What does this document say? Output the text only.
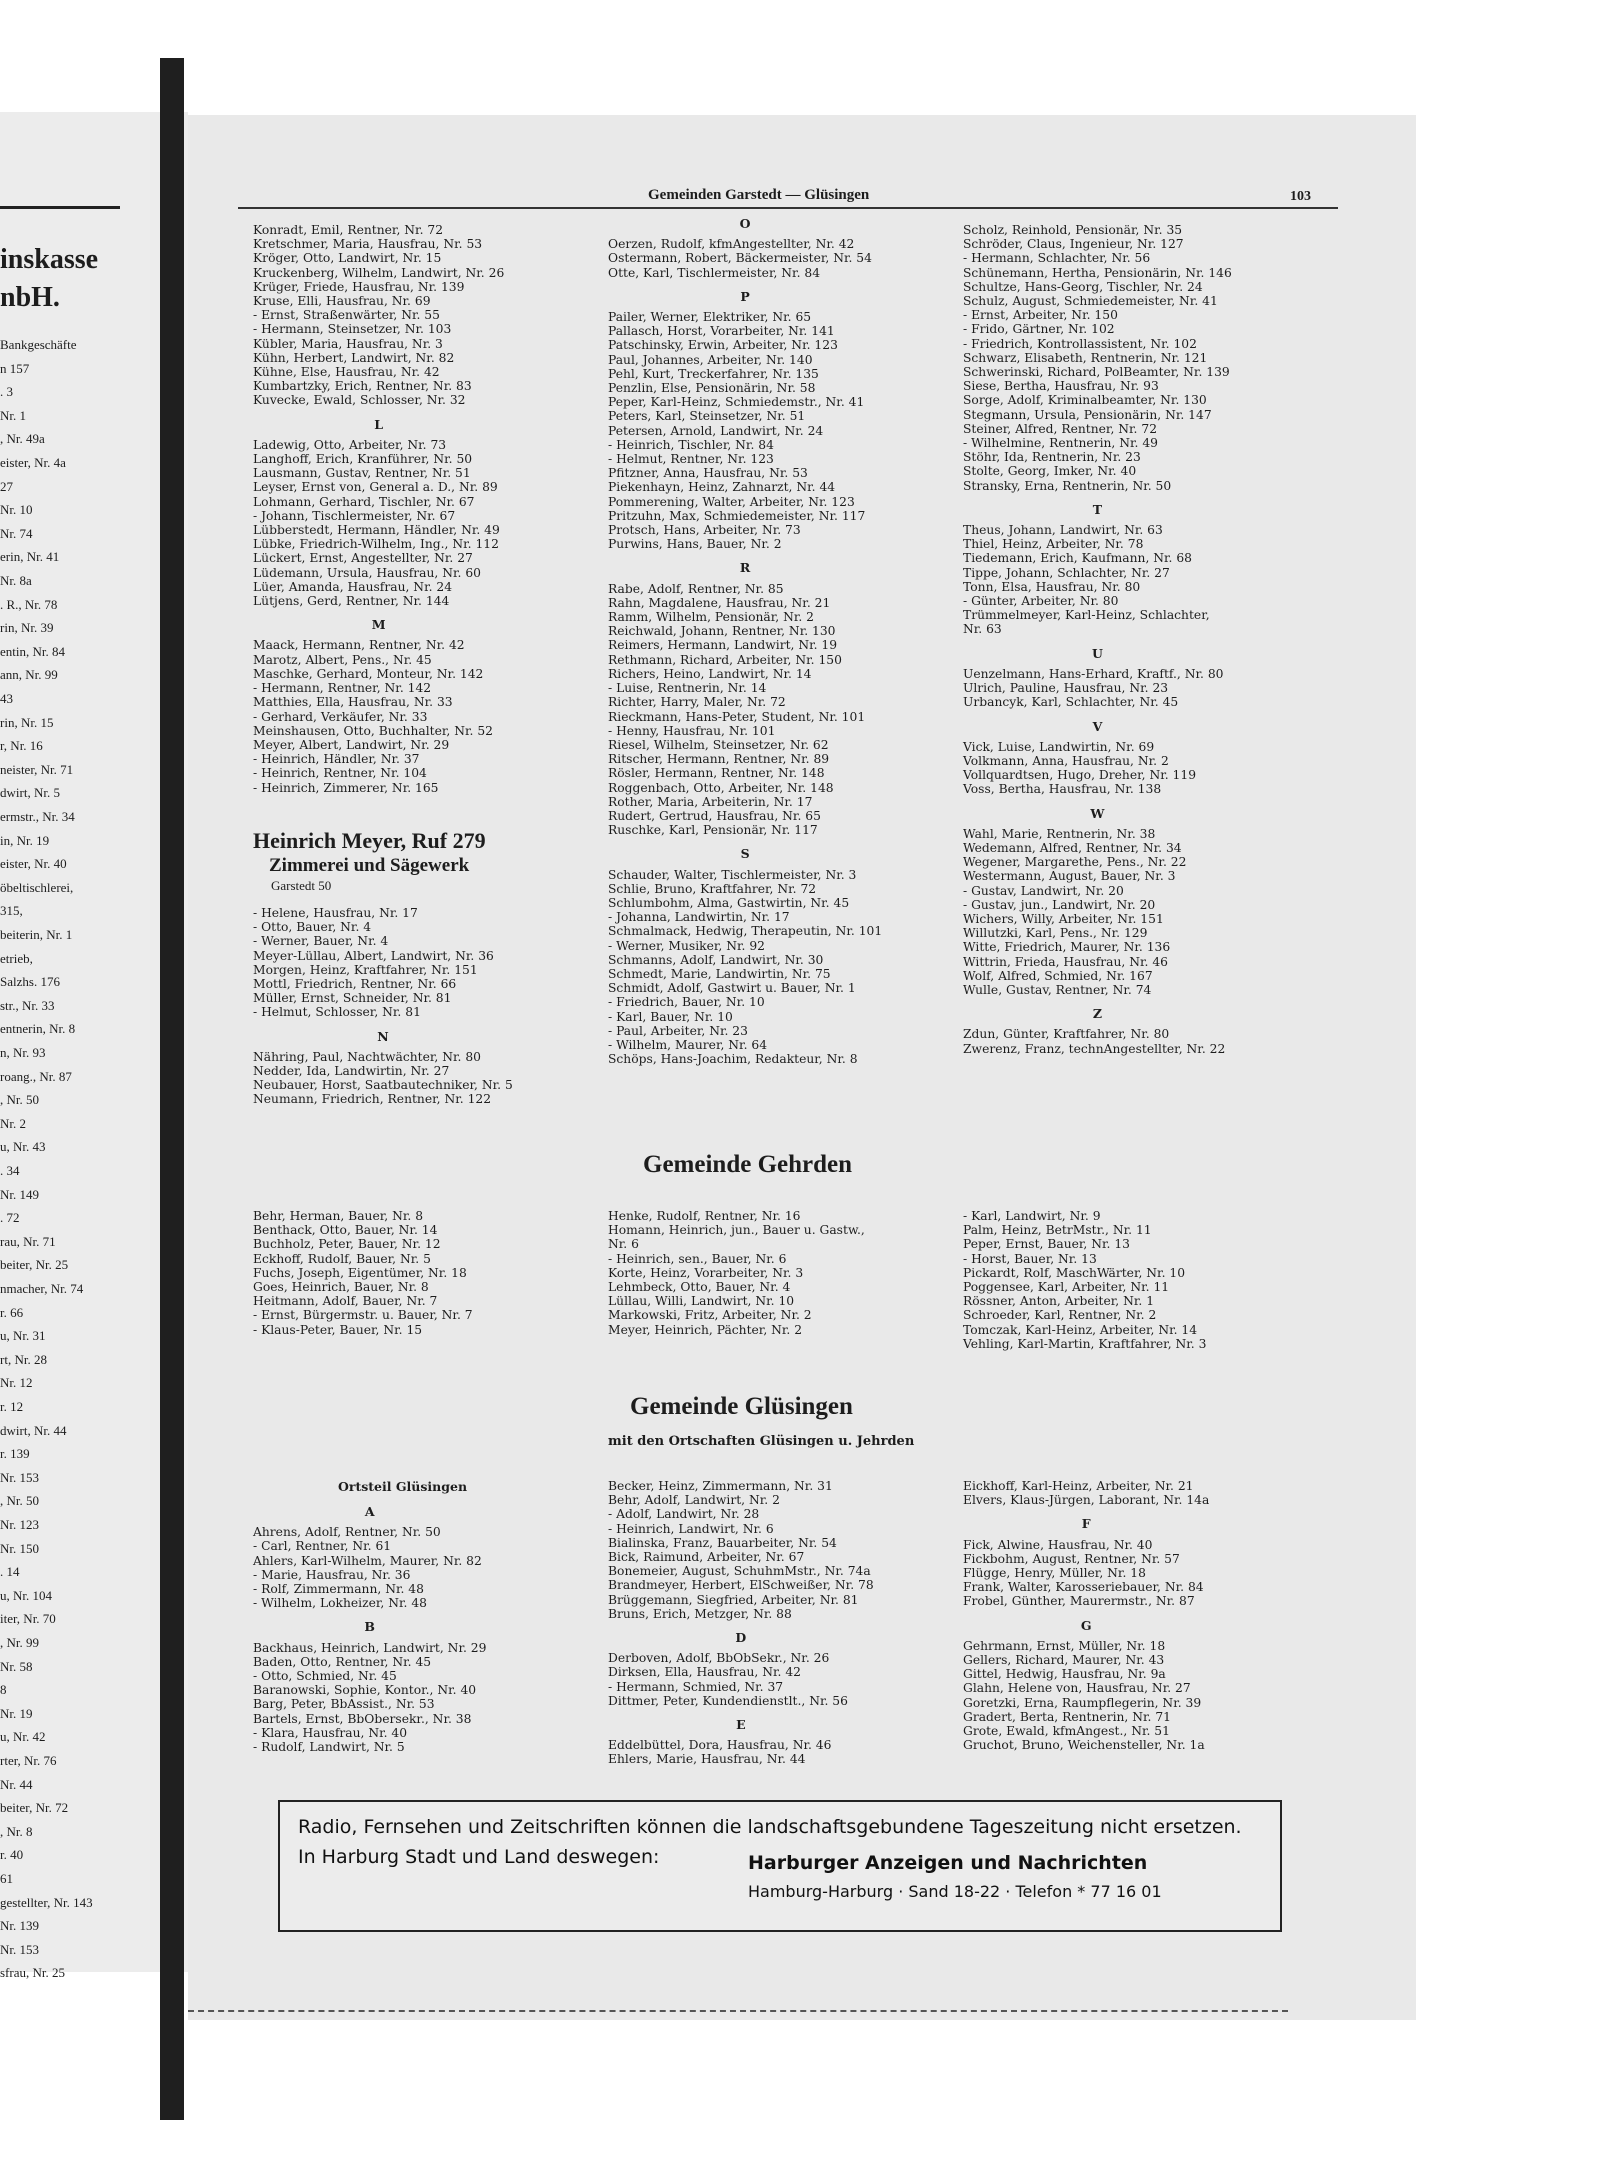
inskasse
nbH.
Bankgeschäfte
n 157
. 3
Nr. 1
, Nr. 49a
eister, Nr. 4a
27
Nr. 10
Nr. 74
erin, Nr. 41
Nr. 8a
. R., Nr. 78
rin, Nr. 39
entin, Nr. 84
ann, Nr. 99
43
rin, Nr. 15
r, Nr. 16
neister, Nr. 71
dwirt, Nr. 5
ermstr., Nr. 34
in, Nr. 19
eister, Nr. 40
öbeltischlerei,
315,
beiterin, Nr. 1
etrieb,
Salzhs. 176
str., Nr. 33
entnerin, Nr. 8
n, Nr. 93
roang., Nr. 87
, Nr. 50
Nr. 2
u, Nr. 43
. 34
Nr. 149
. 72
rau, Nr. 71
beiter, Nr. 25
nmacher, Nr. 74
r. 66
u, Nr. 31
rt, Nr. 28
Nr. 12
r. 12
dwirt, Nr. 44
r. 139
Nr. 153
, Nr. 50
Nr. 123
Nr. 150
. 14
u, Nr. 104
iter, Nr. 70
, Nr. 99
Nr. 58
8
Nr. 19
u, Nr. 42
rter, Nr. 76
Nr. 44
beiter, Nr. 72
, Nr. 8
r. 40
61
gestellter, Nr. 143
Nr. 139
Nr. 153
sfrau, Nr. 25
Gemeinden Garstedt — Glüsingen	103
Konradt, Emil, Rentner, Nr. 72
Kretschmer, Maria, Hausfrau, Nr. 53
Kröger, Otto, Landwirt, Nr. 15
Kruckenberg, Wilhelm, Landwirt, Nr. 26
Krüger, Friede, Hausfrau, Nr. 139
Kruse, Elli, Hausfrau, Nr. 69
- Ernst, Straßenwärter, Nr. 55
- Hermann, Steinsetzer, Nr. 103
Kübler, Maria, Hausfrau, Nr. 3
Kühn, Herbert, Landwirt, Nr. 82
Kühne, Else, Hausfrau, Nr. 42
Kumbartzky, Erich, Rentner, Nr. 83
Kuvecke, Ewald, Schlosser, Nr. 32
L
Ladewig, Otto, Arbeiter, Nr. 73
Langhoff, Erich, Kranführer, Nr. 50
Lausmann, Gustav, Rentner, Nr. 51
Leyser, Ernst von, General a. D., Nr. 89
Lohmann, Gerhard, Tischler, Nr. 67
- Johann, Tischlermeister, Nr. 67
Lübberstedt, Hermann, Händler, Nr. 49
Lübke, Friedrich-Wilhelm, Ing., Nr. 112
Lückert, Ernst, Angestellter, Nr. 27
Lüdemann, Ursula, Hausfrau, Nr. 60
Lüer, Amanda, Hausfrau, Nr. 24
Lütjens, Gerd, Rentner, Nr. 144
M
Maack, Hermann, Rentner, Nr. 42
Marotz, Albert, Pens., Nr. 45
Maschke, Gerhard, Monteur, Nr. 142
- Hermann, Rentner, Nr. 142
Matthies, Ella, Hausfrau, Nr. 33
- Gerhard, Verkäufer, Nr. 33
Meinshausen, Otto, Buchhalter, Nr. 52
Meyer, Albert, Landwirt, Nr. 29
- Heinrich, Händler, Nr. 37
- Heinrich, Rentner, Nr. 104
- Heinrich, Zimmerer, Nr. 165
Heinrich Meyer, Ruf 279
Zimmerei und Sägewerk
Garstedt 50
- Helene, Hausfrau, Nr. 17
- Otto, Bauer, Nr. 4
- Werner, Bauer, Nr. 4
Meyer-Lüllau, Albert, Landwirt, Nr. 36
Morgen, Heinz, Kraftfahrer, Nr. 151
Mottl, Friedrich, Rentner, Nr. 66
Müller, Ernst, Schneider, Nr. 81
- Helmut, Schlosser, Nr. 81
N
Nähring, Paul, Nachtwächter, Nr. 80
Nedder, Ida, Landwirtin, Nr. 27
Neubauer, Horst, Saatbautechniker, Nr. 5
Neumann, Friedrich, Rentner, Nr. 122
O
Oerzen, Rudolf, kfmAngestellter, Nr. 42
Ostermann, Robert, Bäckermeister, Nr. 54
Otte, Karl, Tischlermeister, Nr. 84
P
Pailer, Werner, Elektriker, Nr. 65
Pallasch, Horst, Vorarbeiter, Nr. 141
Patschinsky, Erwin, Arbeiter, Nr. 123
Paul, Johannes, Arbeiter, Nr. 140
Pehl, Kurt, Treckerfahrer, Nr. 135
Penzlin, Else, Pensionärin, Nr. 58
Peper, Karl-Heinz, Schmiedemstr., Nr. 41
Peters, Karl, Steinsetzer, Nr. 51
Petersen, Arnold, Landwirt, Nr. 24
- Heinrich, Tischler, Nr. 84
- Helmut, Rentner, Nr. 123
Pfitzner, Anna, Hausfrau, Nr. 53
Piekenhayn, Heinz, Zahnarzt, Nr. 44
Pommerening, Walter, Arbeiter, Nr. 123
Pritzuhn, Max, Schmiedemeister, Nr. 117
Protsch, Hans, Arbeiter, Nr. 73
Purwins, Hans, Bauer, Nr. 2
R
Rabe, Adolf, Rentner, Nr. 85
Rahn, Magdalene, Hausfrau, Nr. 21
Ramm, Wilhelm, Pensionär, Nr. 2
Reichwald, Johann, Rentner, Nr. 130
Reimers, Hermann, Landwirt, Nr. 19
Rethmann, Richard, Arbeiter, Nr. 150
Richers, Heino, Landwirt, Nr. 14
- Luise, Rentnerin, Nr. 14
Richter, Harry, Maler, Nr. 72
Rieckmann, Hans-Peter, Student, Nr. 101
- Henny, Hausfrau, Nr. 101
Riesel, Wilhelm, Steinsetzer, Nr. 62
Ritscher, Hermann, Rentner, Nr. 89
Rösler, Hermann, Rentner, Nr. 148
Roggenbach, Otto, Arbeiter, Nr. 148
Rother, Maria, Arbeiterin, Nr. 17
Rudert, Gertrud, Hausfrau, Nr. 65
Ruschke, Karl, Pensionär, Nr. 117
S
Schauder, Walter, Tischlermeister, Nr. 3
Schlie, Bruno, Kraftfahrer, Nr. 72
Schlumbohm, Alma, Gastwirtin, Nr. 45
- Johanna, Landwirtin, Nr. 17
Schmalmack, Hedwig, Therapeutin, Nr. 101
- Werner, Musiker, Nr. 92
Schmanns, Adolf, Landwirt, Nr. 30
Schmedt, Marie, Landwirtin, Nr. 75
Schmidt, Adolf, Gastwirt u. Bauer, Nr. 1
- Friedrich, Bauer, Nr. 10
- Karl, Bauer, Nr. 10
- Paul, Arbeiter, Nr. 23
- Wilhelm, Maurer, Nr. 64
Schöps, Hans-Joachim, Redakteur, Nr. 8
Scholz, Reinhold, Pensionär, Nr. 35
Schröder, Claus, Ingenieur, Nr. 127
- Hermann, Schlachter, Nr. 56
Schünemann, Hertha, Pensionärin, Nr. 146
Schultze, Hans-Georg, Tischler, Nr. 24
Schulz, August, Schmiedemeister, Nr. 41
- Ernst, Arbeiter, Nr. 150
- Frido, Gärtner, Nr. 102
- Friedrich, Kontrollassistent, Nr. 102
Schwarz, Elisabeth, Rentnerin, Nr. 121
Schwerinski, Richard, PolBeamter, Nr. 139
Siese, Bertha, Hausfrau, Nr. 93
Sorge, Adolf, Kriminalbeamter, Nr. 130
Stegmann, Ursula, Pensionärin, Nr. 147
Steiner, Alfred, Rentner, Nr. 72
- Wilhelmine, Rentnerin, Nr. 49
Stöhr, Ida, Rentnerin, Nr. 23
Stolte, Georg, Imker, Nr. 40
Stransky, Erna, Rentnerin, Nr. 50
T
Theus, Johann, Landwirt, Nr. 63
Thiel, Heinz, Arbeiter, Nr. 78
Tiedemann, Erich, Kaufmann, Nr. 68
Tippe, Johann, Schlachter, Nr. 27
Tonn, Elsa, Hausfrau, Nr. 80
- Günter, Arbeiter, Nr. 80
Trümmelmeyer, Karl-Heinz, Schlachter,
Nr. 63
U
Uenzelmann, Hans-Erhard, Kraftf., Nr. 80
Ulrich, Pauline, Hausfrau, Nr. 23
Urbancyk, Karl, Schlachter, Nr. 45
V
Vick, Luise, Landwirtin, Nr. 69
Volkmann, Anna, Hausfrau, Nr. 2
Vollquardtsen, Hugo, Dreher, Nr. 119
Voss, Bertha, Hausfrau, Nr. 138
W
Wahl, Marie, Rentnerin, Nr. 38
Wedemann, Alfred, Rentner, Nr. 34
Wegener, Margarethe, Pens., Nr. 22
Westermann, August, Bauer, Nr. 3
- Gustav, Landwirt, Nr. 20
- Gustav, jun., Landwirt, Nr. 20
Wichers, Willy, Arbeiter, Nr. 151
Willutzki, Karl, Pens., Nr. 129
Witte, Friedrich, Maurer, Nr. 136
Wittrin, Frieda, Hausfrau, Nr. 46
Wolf, Alfred, Schmied, Nr. 167
Wulle, Gustav, Rentner, Nr. 74
Z
Zdun, Günter, Kraftfahrer, Nr. 80
Zwerenz, Franz, technAngestellter, Nr. 22
Gemeinde Gehrden
Behr, Herman, Bauer, Nr. 8
Benthack, Otto, Bauer, Nr. 14
Buchholz, Peter, Bauer, Nr. 12
Eckhoff, Rudolf, Bauer, Nr. 5
Fuchs, Joseph, Eigentümer, Nr. 18
Goes, Heinrich, Bauer, Nr. 8
Heitmann, Adolf, Bauer, Nr. 7
- Ernst, Bürgermstr. u. Bauer, Nr. 7
- Klaus-Peter, Bauer, Nr. 15
Henke, Rudolf, Rentner, Nr. 16
Homann, Heinrich, jun., Bauer u. Gastw.,
Nr. 6
- Heinrich, sen., Bauer, Nr. 6
Korte, Heinz, Vorarbeiter, Nr. 3
Lehmbeck, Otto, Bauer, Nr. 4
Lüllau, Willi, Landwirt, Nr. 10
Markowski, Fritz, Arbeiter, Nr. 2
Meyer, Heinrich, Pächter, Nr. 2
- Karl, Landwirt, Nr. 9
Palm, Heinz, BetrMstr., Nr. 11
Peper, Ernst, Bauer, Nr. 13
- Horst, Bauer, Nr. 13
Pickardt, Rolf, MaschWärter, Nr. 10
Poggensee, Karl, Arbeiter, Nr. 11
Rössner, Anton, Arbeiter, Nr. 1
Schroeder, Karl, Rentner, Nr. 2
Tomczak, Karl-Heinz, Arbeiter, Nr. 14
Vehling, Karl-Martin, Kraftfahrer, Nr. 3
Gemeinde Glüsingen
mit den Ortschaften Glüsingen u. Jehrden
Ortsteil Glüsingen
A
Ahrens, Adolf, Rentner, Nr. 50
- Carl, Rentner, Nr. 61
Ahlers, Karl-Wilhelm, Maurer, Nr. 82
- Marie, Hausfrau, Nr. 36
- Rolf, Zimmermann, Nr. 48
- Wilhelm, Lokheizer, Nr. 48
B
Backhaus, Heinrich, Landwirt, Nr. 29
Baden, Otto, Rentner, Nr. 45
- Otto, Schmied, Nr. 45
Baranowski, Sophie, Kontor., Nr. 40
Barg, Peter, BbAssist., Nr. 53
Bartels, Ernst, BbObersekr., Nr. 38
- Klara, Hausfrau, Nr. 40
- Rudolf, Landwirt, Nr. 5
Becker, Heinz, Zimmermann, Nr. 31
Behr, Adolf, Landwirt, Nr. 2
- Adolf, Landwirt, Nr. 28
- Heinrich, Landwirt, Nr. 6
Bialinska, Franz, Bauarbeiter, Nr. 54
Bick, Raimund, Arbeiter, Nr. 67
Bonemeier, August, SchuhmMstr., Nr. 74a
Brandmeyer, Herbert, ElSchweißer, Nr. 78
Brüggemann, Siegfried, Arbeiter, Nr. 81
Bruns, Erich, Metzger, Nr. 88
D
Derboven, Adolf, BbObSekr., Nr. 26
Dirksen, Ella, Hausfrau, Nr. 42
- Hermann, Schmied, Nr. 37
Dittmer, Peter, Kundendienstlt., Nr. 56
E
Eddelbüttel, Dora, Hausfrau, Nr. 46
Ehlers, Marie, Hausfrau, Nr. 44
Eickhoff, Karl-Heinz, Arbeiter, Nr. 21
Elvers, Klaus-Jürgen, Laborant, Nr. 14a
F
Fick, Alwine, Hausfrau, Nr. 40
Fickbohm, August, Rentner, Nr. 57
Flügge, Henry, Müller, Nr. 18
Frank, Walter, Karosseriebauer, Nr. 84
Frobel, Günther, Maurermstr., Nr. 87
G
Gehrmann, Ernst, Müller, Nr. 18
Gellers, Richard, Maurer, Nr. 43
Gittel, Hedwig, Hausfrau, Nr. 9a
Glahn, Helene von, Hausfrau, Nr. 27
Goretzki, Erna, Raumpflegerin, Nr. 39
Gradert, Berta, Rentnerin, Nr. 71
Grote, Ewald, kfmAngest., Nr. 51
Gruchot, Bruno, Weichensteller, Nr. 1a
Radio, Fernsehen und Zeitschriften können die landschaftsgebundene Tageszeitung nicht ersetzen.
In Harburg Stadt und Land deswegen:	Harburger Anzeigen und Nachrichten
Hamburg-Harburg · Sand 18-22 · Telefon * 77 16 01
